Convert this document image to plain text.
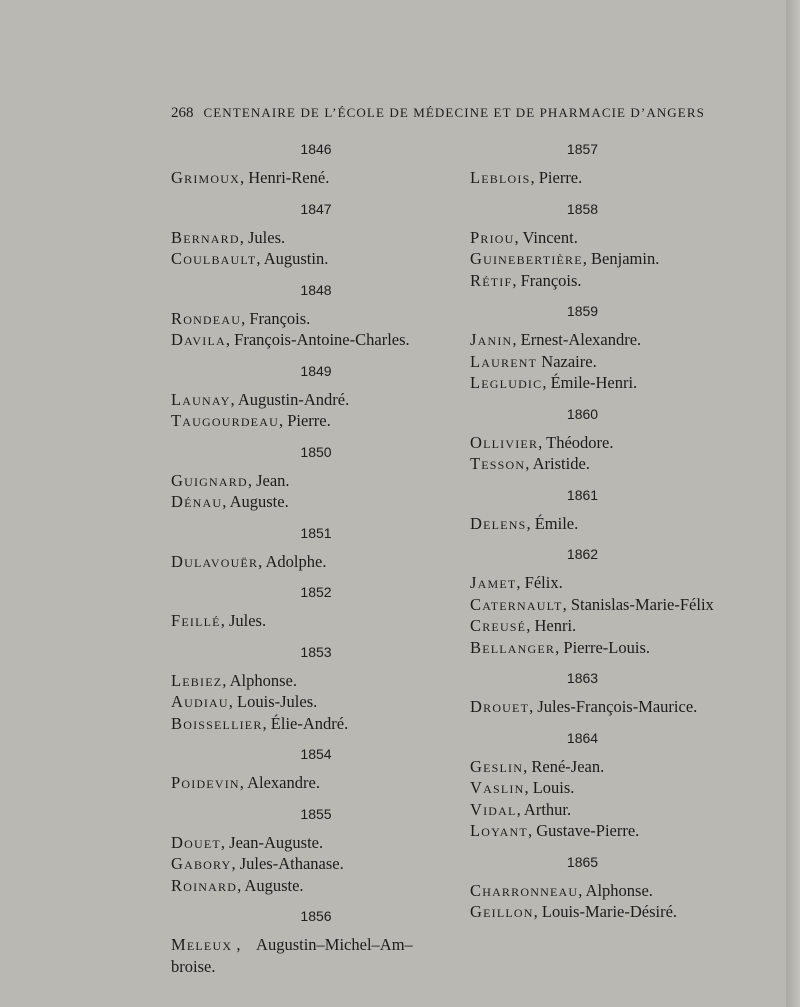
268 CENTENAIRE DE L’ÉCOLE DE MÉDECINE ET DE PHARMACIE D’ANGERS
1846
Grimoux, Henri-René.
1847
Bernard, Jules.
Coulbault, Augustin.
1848
Rondeau, François.
Davila, François-Antoine-Charles.
1849
Launay, Augustin-André.
Taugourdeau, Pierre.
1850
Guignard, Jean.
Dénau, Auguste.
1851
Dulavouër, Adolphe.
1852
Feillé, Jules.
1853
Lebiez, Alphonse.
Audiau, Louis-Jules.
Boissellier, Élie-André.
1854
Poidevin, Alexandre.
1855
Douet, Jean-Auguste.
Gabory, Jules-Athanase.
Roinard, Auguste.
1856
Meleux ,    Augustin–Michel–Am–
broise.
1857
Leblois, Pierre.
1858
Priou, Vincent.
Guinebertière, Benjamin.
Rétif, François.
1859
Janin, Ernest-Alexandre.
Laurent Nazaire.
Legludic, Émile-Henri.
1860
Ollivier, Théodore.
Tesson, Aristide.
1861
Delens, Émile.
1862
Jamet, Félix.
Caternault, Stanislas-Marie-Félix
Creusé, Henri.
Bellanger, Pierre-Louis.
1863
Drouet, Jules-François-Maurice.
1864
Geslin, René-Jean.
Vaslin, Louis.
Vidal, Arthur.
Loyant, Gustave-Pierre.
1865
Charronneau, Alphonse.
Geillon, Louis-Marie-Désiré.
